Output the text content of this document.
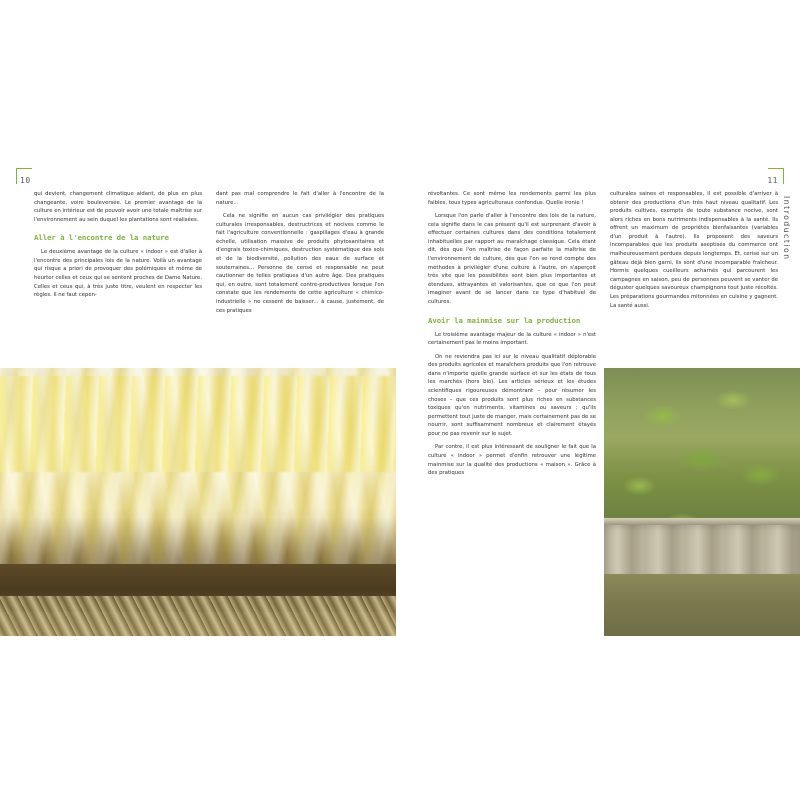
10	11
Introduction

qui devient, changement climatique aidant, de plus en plus changeante, voire bouleversée. Le premier avantage de la culture en intérieur est de pouvoir avoir une totale maîtrise sur l'environnement au sein duquel les plantations sont réalisées.

Aller à l'encontre de la nature

Le deuxième avantage de la culture « indoor » est d'aller à l'encontre des principales lois de la nature. Voilà un avantage qui risque a priori de provoquer des polémiques et même de heurter celles et ceux qui se sentent proches de Dame Nature. Celles et ceux qui, à très juste titre, veulent en respecter les règles. Il ne faut cepen-

dant pas mal comprendre le fait d'aller à l'encontre de la nature...

Cela ne signifie en aucun cas privilégier des pratiques culturales irresponsables, destructrices et nocives comme le fait l'agriculture conventionnelle : gaspillages d'eau à grande échelle, utilisation massive de produits phytosanitaires et d'engrais toxico-chimiques, destruction systématique des sols et de la biodiversité, pollution des eaux de surface et souterraines... Personne de censé et responsable ne peut cautionner de telles pratiques d'un autre âge. Des pratiques qui, en outre, sont totalement contre-productives lorsque l'on constate que les rendements de cette agriculture « chimico-industrielle » ne cessent de baisser... à cause, justement, de ces pratiques

révoltantes. Ce sont même les rendements parmi les plus faibles, tous types agriculturaux confondus. Quelle ironie !

Lorsque l'on parle d'aller à l'encontre des lois de la nature, cela signifie dans le cas présent qu'il est surprenant d'avoir à effectuer certaines cultures dans des conditions totalement inhabituelles par rapport au maraîchage classique. Cela étant dit, dès que l'on maîtrise de façon parfaite la maîtrise de l'environnement de culture, dès que l'on se rend compte des méthodes à privilégier d'une culture à l'autre, on s'aperçoit très vite que les possibilités sont bien plus importantes et étendues, attrayantes et valorisantes, que ce que l'on peut imaginer avant de se lancer dans ce type d'habituel de cultures.

Avoir la mainmise sur la production

Le troisième avantage majeur de la culture « indoor » n'est certainement pas le moins important.

On ne reviendra pas ici sur le niveau qualitatif déplorable des produits agricoles et maraîchers produits que l'on retrouve dans n'importe quelle grande surface et sur les états de tous les marchés (hors bio). Les articles sérieux et les études scientifiques rigoureuses démontrant – pour résumer les choses – que ces produits sont plus riches en substances toxiques qu'en nutriments, vitamines ou saveurs ; qu'ils permettent tout juste de manger, mais certainement pas de se nourrir, sont suffisamment nombreux et clairement étayés pour ne pas revenir sur le sujet.

Par contre, il est plus intéressant de souligner le fait que la culture « indoor » permet d'enfin retrouver une légitime mainmise sur la qualité des productions « maison ». Grâce à des pratiques

culturales saines et responsables, il est possible d'arriver à obtenir des productions d'un très haut niveau qualitatif. Les produits cultivés, exempts de toute substance nocive, sont alors riches en bons nutriments indispensables à la santé. Ils offrent un maximum de propriétés bienfaisantes (variables d'un produit à l'autre). Ils proposent des saveurs incomparables que les produits aseptisés du commerce ont malheureusement perdues depuis longtemps. Et, cerise sur un gâteau déjà bien garni, ils sont d'une incomparable fraîcheur. Hormis quelques cueilleurs acharnés qui parcourent les campagnes en saison, peu de personnes peuvent se vanter de déguster quelques savoureux champignons tout juste récoltés. Les préparations gourmandes mitonnées en cuisine y gagnent. La santé aussi.
